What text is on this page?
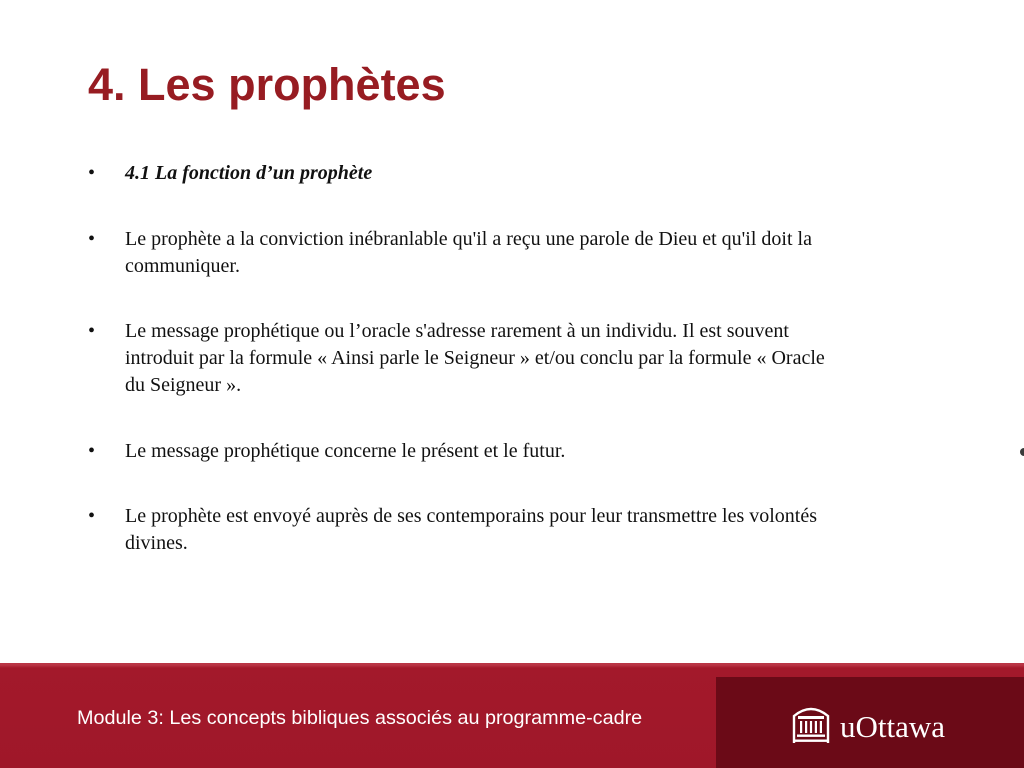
4. Les prophètes
• 4.1 La fonction d’un prophète
• Le prophète a la conviction inébranlable qu'il a reçu une parole de Dieu et qu'il doit la
communiquer.
• Le message prophétique ou l’oracle s'adresse rarement à un individu. Il est souvent
introduit par la formule « Ainsi parle le Seigneur » et/ou conclu par la formule « Oracle
du Seigneur ».
• Le message prophétique concerne le présent et le futur.
• Le prophète est envoyé auprès de ses contemporains pour leur transmettre les volontés
divines.
Module 3: Les concepts bibliques associés au programme-cadre	uOttawa
